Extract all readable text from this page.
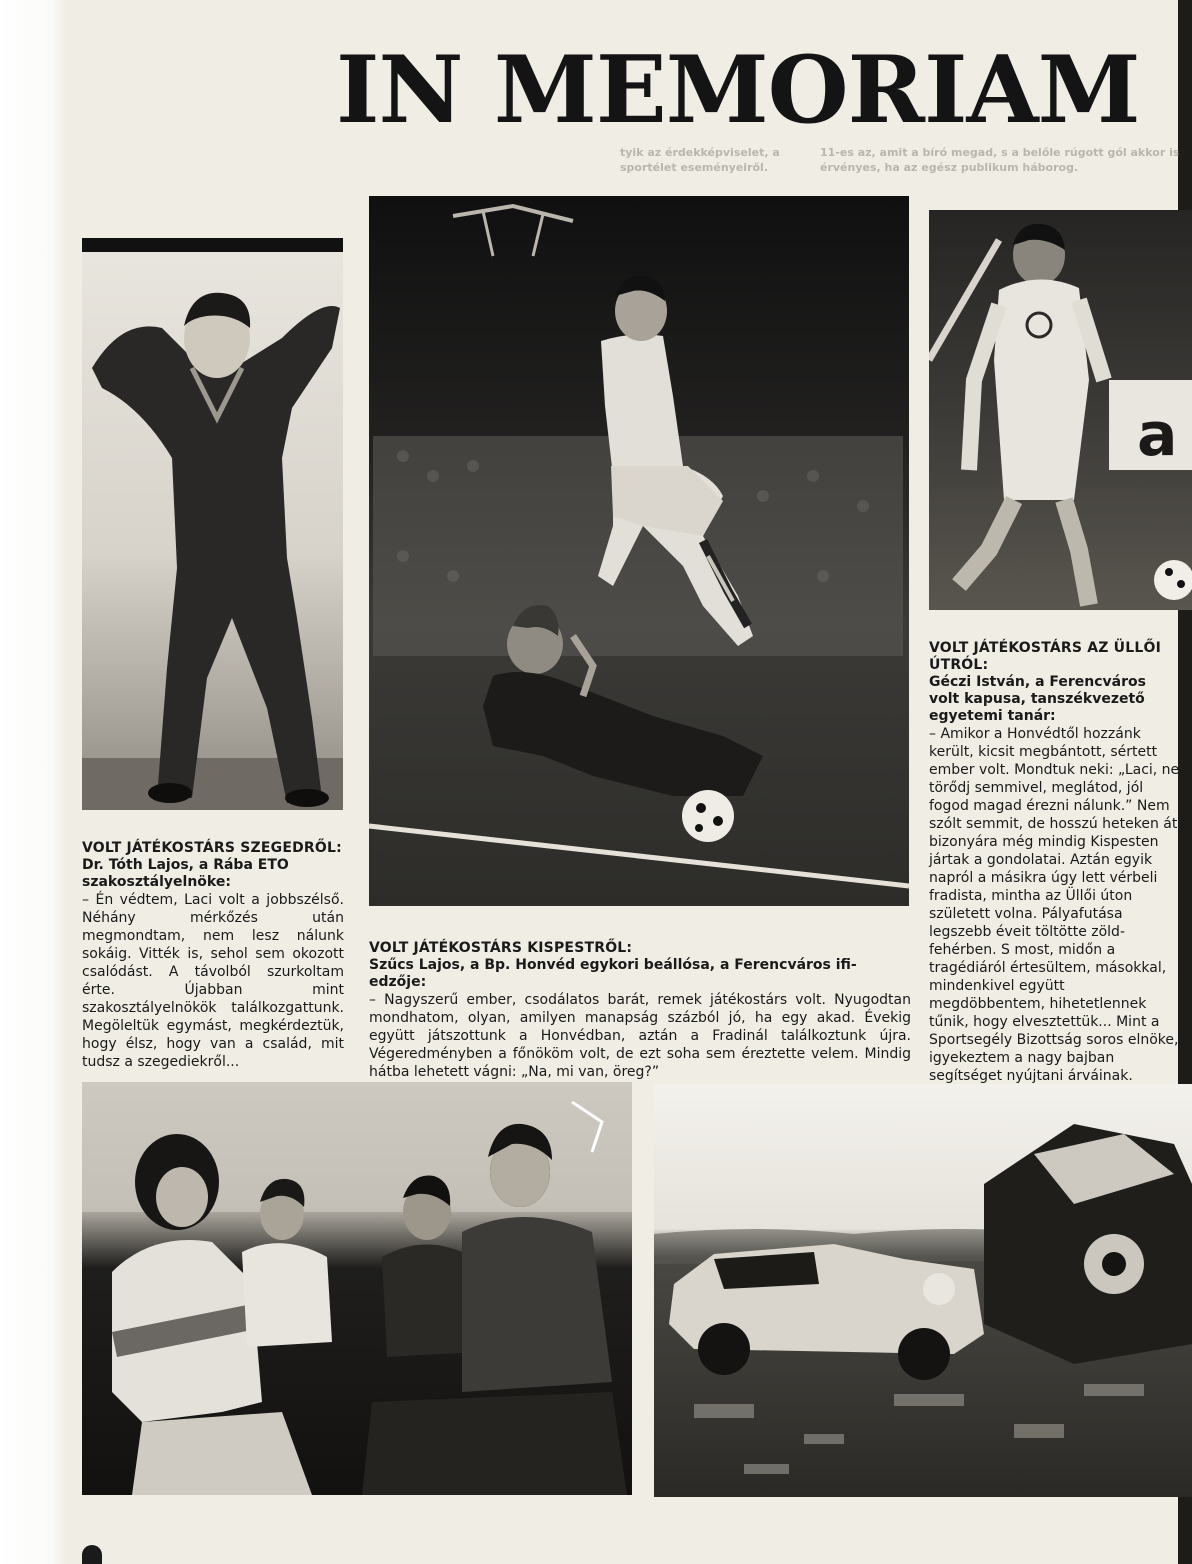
tyik az érdekképviselet, a sportélet eseményeiről.
11-es az, amit a bíró megad, s a belőle rúgott gól akkor is érvényes, ha az egész publikum háborog.
IN MEMORIAM
a

VOLT JÁTÉKOSTÁRS SZEGEDRŐL:

Dr. Tóth Lajos, a Rába ETO szakosztályelnöke:

– Én védtem, Laci volt a jobbszélső. Néhány mérkőzés után megmondtam, nem lesz nálunk sokáig. Vitték is, sehol sem okozott csalódást. A távolból szurkoltam érte. Újabban mint szakosztályelnökök találkozgattunk. Megöleltük egymást, megkérdeztük, hogy élsz, hogy van a család, mit tudsz a szegediekről...

VOLT JÁTÉKOSTÁRS KISPESTRŐL:

Szűcs Lajos, a Bp. Honvéd egykori beállósa, a Ferencváros ifi-edzője:

– Nagyszerű ember, csodálatos barát, remek játékostárs volt. Nyugodtan mondhatom, olyan, amilyen manapság százból jó, ha egy akad. Évekig együtt játszottunk a Honvédban, aztán a Fradinál találkoztunk újra. Végeredményben a főnököm volt, de ezt soha sem éreztette velem. Mindig hátba lehetett vágni: „Na, mi van, öreg?”

VOLT JÁTÉKOSTÁRS AZ ÜLLŐI ÚTRÓL:

Géczi István, a Ferencváros volt kapusa, tanszékvezető egyetemi tanár:

– Amikor a Honvédtől hozzánk került, kicsit megbántott, sértett ember volt. Mondtuk neki: „Laci, ne törődj semmivel, meglátod, jól fogod magad érezni nálunk.” Nem szólt semmit, de hosszú heteken át bizonyára még mindig Kispesten jártak a gondolatai. Aztán egyik napról a másikra úgy lett vérbeli fradista, mintha az Üllői úton született volna. Pályafutása legszebb éveit töltötte zöld-fehérben. S most, midőn a tragédiáról értesültem, másokkal, mindenkivel együtt megdöbbentem, hihetetlennek tűnik, hogy elvesztettük... Mint a Sportsegély Bizottság soros elnöke, igyekeztem a nagy bajban segítséget nyújtani árváinak.
